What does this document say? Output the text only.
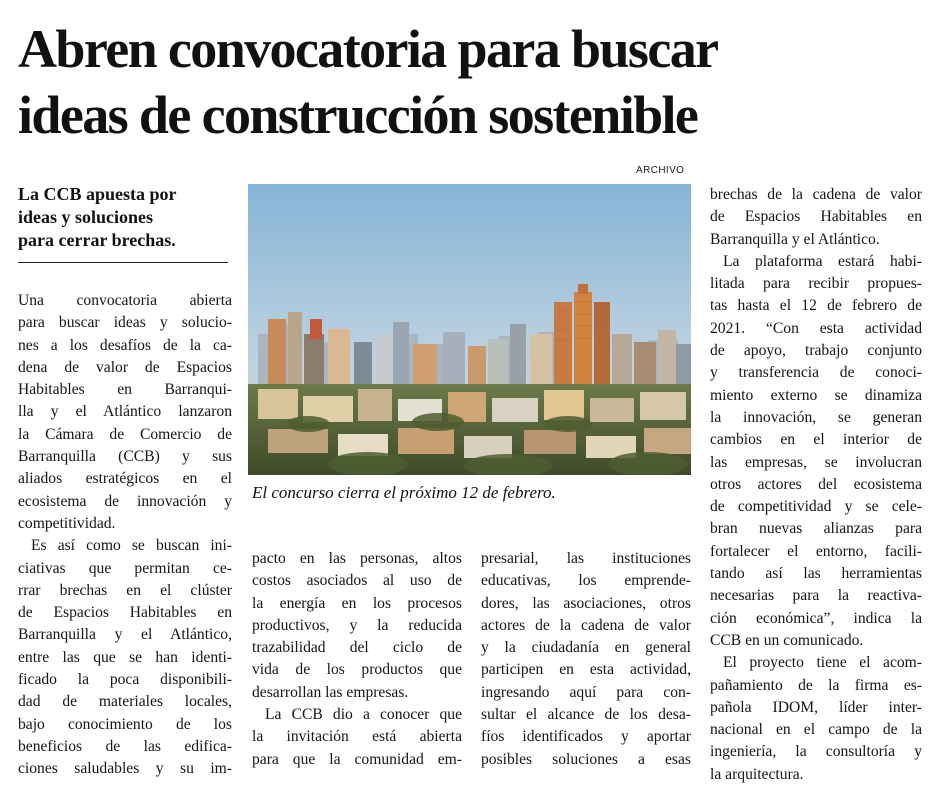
Abren convocatoria para buscar
ideas de construcción sostenible
ARCHIVO
El concurso cierra el próximo 12 de febrero.
La CCB apuesta por
ideas y soluciones
para cerrar brechas.
Una convocatoria abierta
para buscar ideas y solucio-
nes a los desafíos de la ca-
dena de valor de Espacios
Habitables en Barranqui-
lla y el Atlántico lanzaron
la Cámara de Comercio de
Barranquilla (CCB) y sus
aliados estratégicos en el
ecosistema de innovación y
competitividad.
Es así como se buscan ini-
ciativas que permitan ce-
rrar brechas en el clúster
de Espacios Habitables en
Barranquilla y el Atlántico,
entre las que se han identi-
ficado la poca disponibili-
dad de materiales locales,
bajo conocimiento de los
beneficios de las edifica-
ciones saludables y su im-
pacto en las personas, altos
costos asociados al uso de
la energía en los procesos
productivos, y la reducida
trazabilidad del ciclo de
vida de los productos que
desarrollan las empresas.
La CCB dio a conocer que
la invitación está abierta
para que la comunidad em-
presarial, las instituciones
educativas, los emprende-
dores, las asociaciones, otros
actores de la cadena de valor
y la ciudadanía en general
participen en esta actividad,
ingresando aquí para con-
sultar el alcance de los desa-
fíos identificados y aportar
posibles soluciones a esas
brechas de la cadena de valor
de Espacios Habitables en
Barranquilla y el Atlántico.
La plataforma estará habi-
litada para recibir propues-
tas hasta el 12 de febrero de
2021. “Con esta actividad
de apoyo, trabajo conjunto
y transferencia de conoci-
miento externo se dinamiza
la innovación, se generan
cambios en el interior de
las empresas, se involucran
otros actores del ecosistema
de competitividad y se cele-
bran nuevas alianzas para
fortalecer el entorno, facili-
tando así las herramientas
necesarias para la reactiva-
ción económica”, indica la
CCB en un comunicado.
El proyecto tiene el acom-
pañamiento de la firma es-
pañola IDOM, líder inter-
nacional en el campo de la
ingeniería, la consultoría y
la arquitectura.
